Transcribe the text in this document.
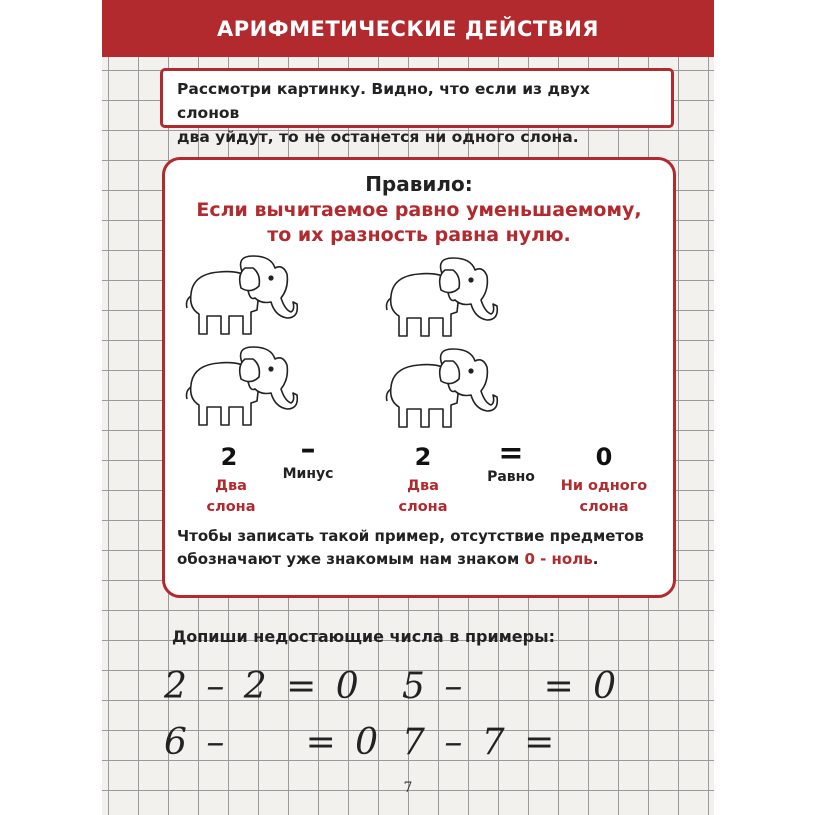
АРИФМЕТИЧЕСКИЕ ДЕЙСТВИЯ
Рассмотри картинку. Видно, что если из двух слонов
два уйдут, то не останется ни одного слона.
Правило:
Если вычитаемое равно уменьшаемому,
то их разность равна нулю.
2	–
Минус
2	=
Равно
0
Два
слона
Два
слона
Ни одного
слона
Чтобы записать такой пример, отсутствие предметов
обозначают уже знакомым нам знаком 0 - ноль.
Допиши недостающие числа в примеры:
2 – 2 = 0 5 –     = 0
6 –     = 0 7 – 7 =
7
